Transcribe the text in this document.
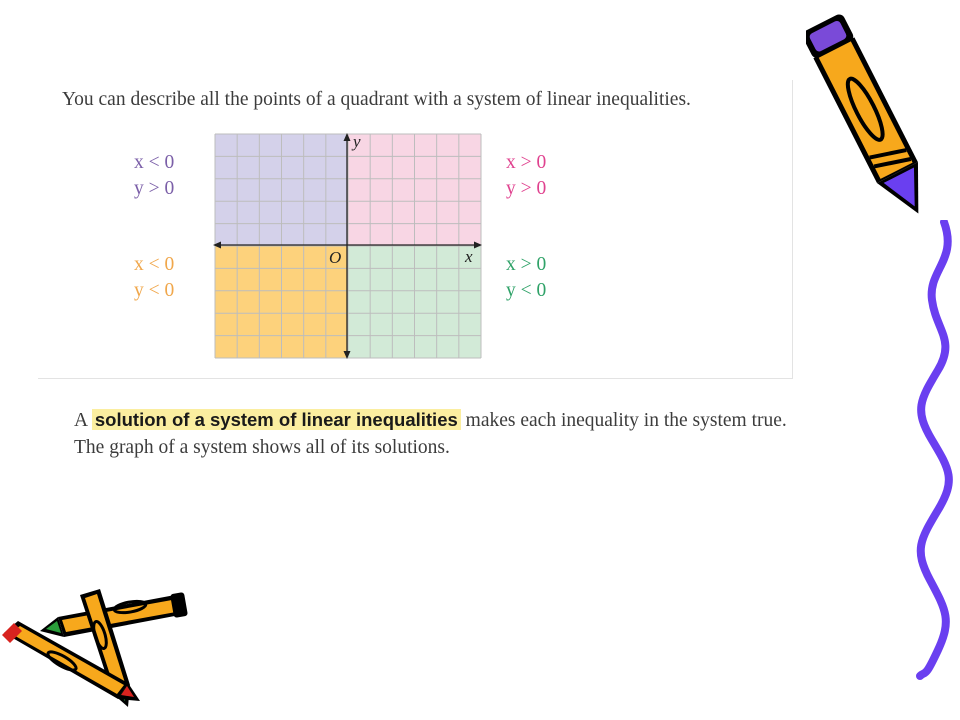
You can describe all the points of a quadrant with a system of linear inequalities.
y
x
O
x < 0
y > 0
x > 0
y > 0
x < 0
y < 0
x > 0
y < 0
A solution of a system of linear inequalities makes each inequality in the system true. The graph of a system shows all of its solutions.
